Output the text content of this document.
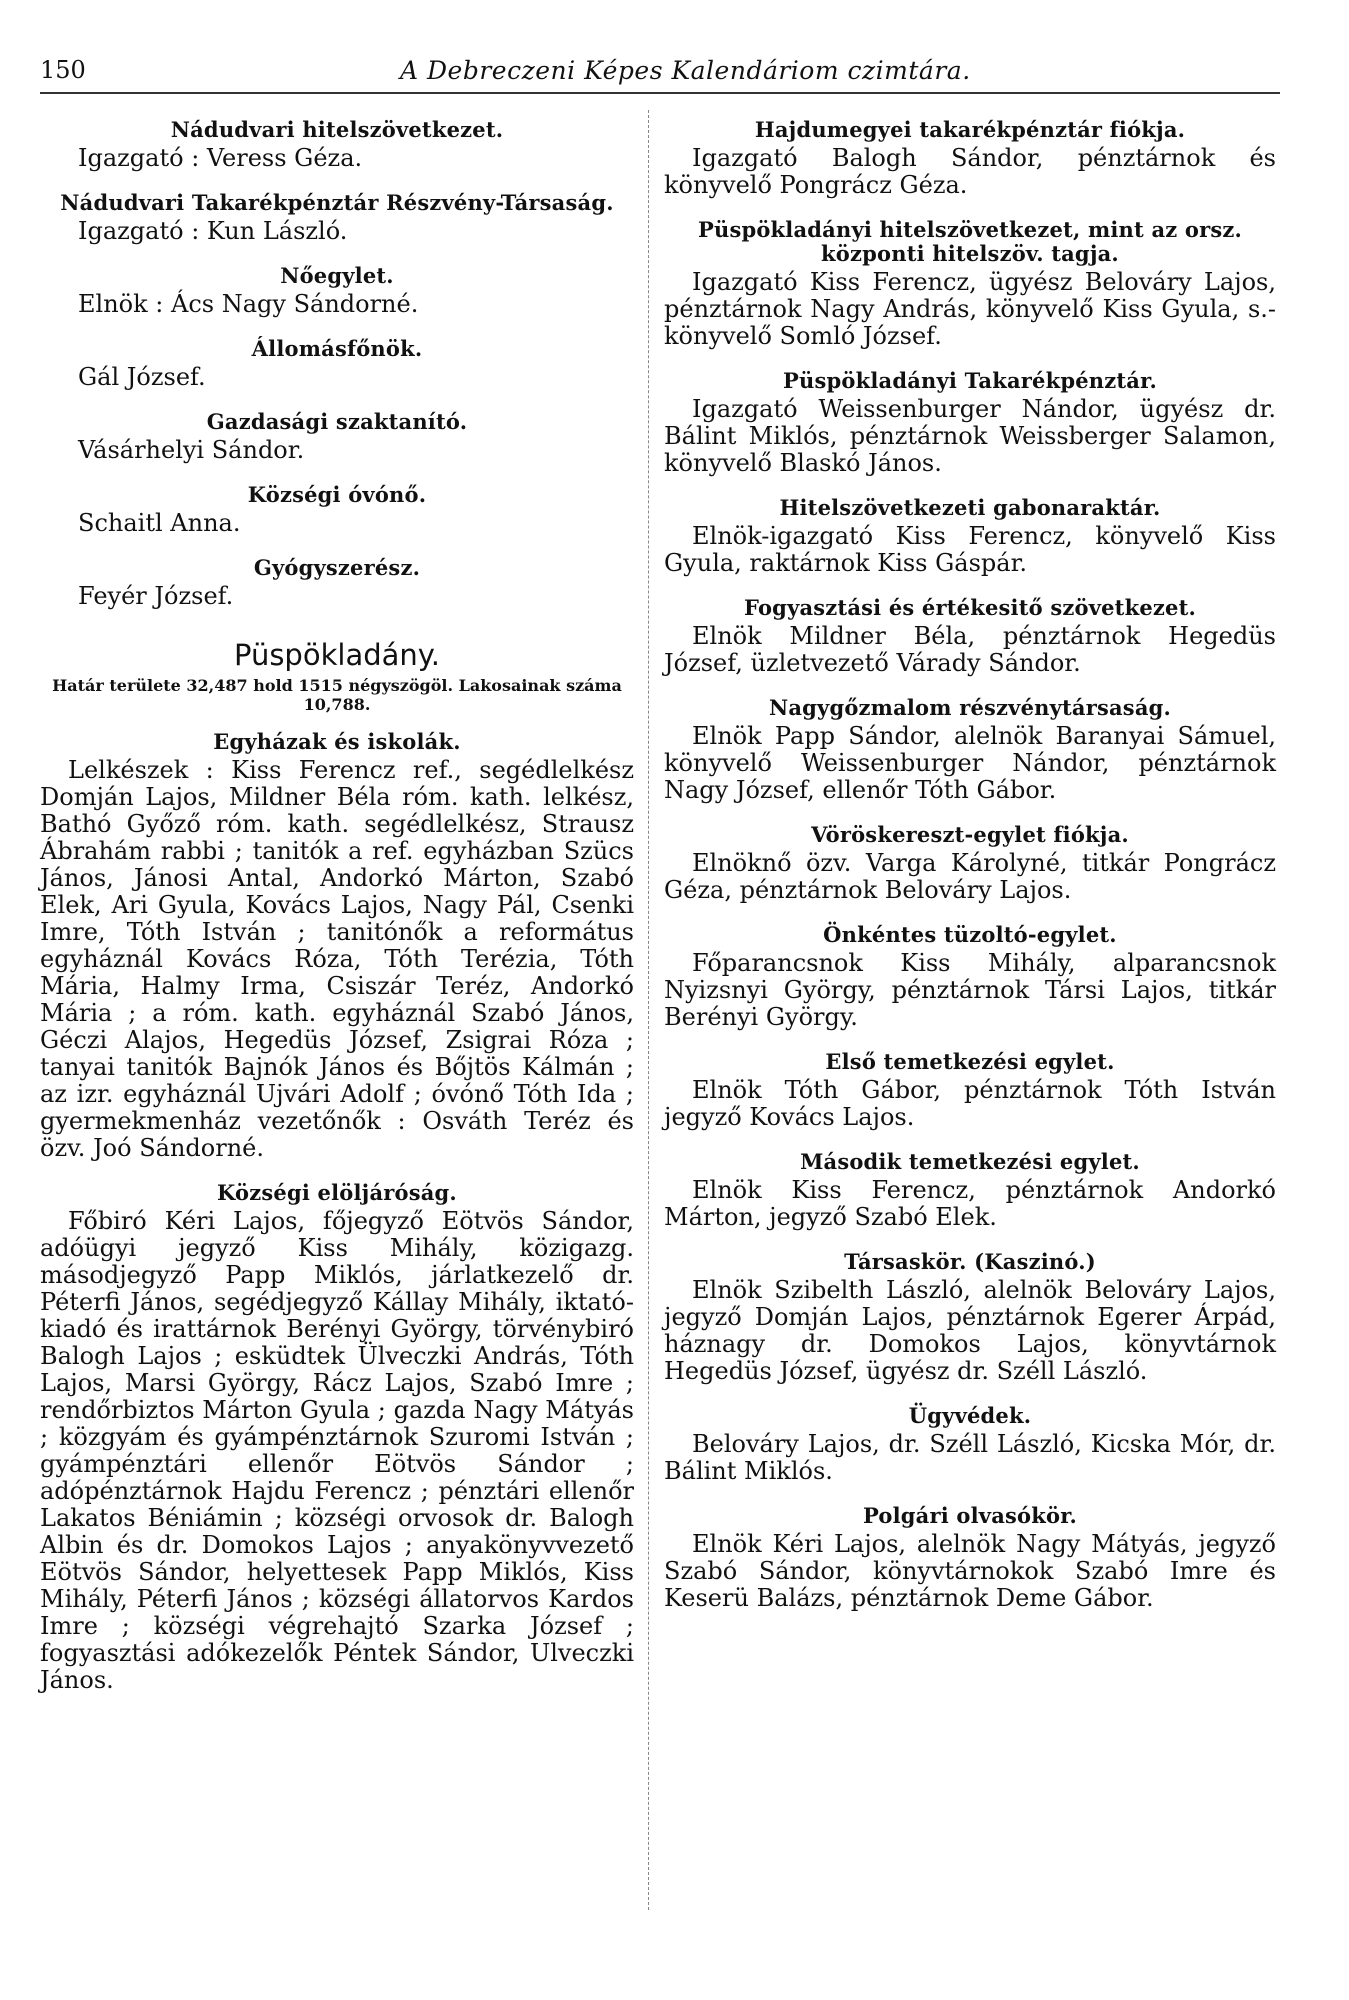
150	A Debreczeni Képes Kalendáriom czimtára.
Nádudvari hitelszövetkezet.
Igazgató : Veress Géza.
Nádudvari Takarékpénztár Részvény-Társaság.
Igazgató : Kun László.
Nőegylet.
Elnök : Ács Nagy Sándorné.
Állomásfőnök.
Gál József.
Gazdasági szaktanító.
Vásárhelyi Sándor.
Községi óvónő.
Schaitl Anna.
Gyógyszerész.
Feyér József.
Püspökladány.
Határ területe 32,487 hold 1515 négyszögöl. Lakosainak száma 10,788.
Egyházak és iskolák.
Lelkészek : Kiss Ferencz ref., segédlelkész Domján Lajos, Mildner Béla róm. kath. lelkész, Bathó Győző róm. kath. segédlelkész, Strausz Ábrahám rabbi ; tanitók a ref. egyházban Szücs János, Jánosi Antal, Andorkó Márton, Szabó Elek, Ari Gyula, Kovács Lajos, Nagy Pál, Csenki Imre, Tóth István ; tanitónők a református egyháznál Kovács Róza, Tóth Terézia, Tóth Mária, Halmy Irma, Csiszár Teréz, Andorkó Mária ; a róm. kath. egyháznál Szabó János, Géczi Alajos, Hegedüs József, Zsigrai Róza ; tanyai tanitók Bajnók János és Bőjtös Kálmán ; az izr. egyháznál Ujvári Adolf ; óvónő Tóth Ida ; gyermekmenház vezetőnők : Osváth Teréz és özv. Joó Sándorné.
Községi elöljáróság.
Főbiró Kéri Lajos, főjegyző Eötvös Sándor, adóügyi jegyző Kiss Mihály, közigazg. másodjegyző Papp Miklós, járlatkezelő dr. Péterfi János, segédjegyző Kállay Mihály, iktató-kiadó és irattárnok Berényi György, törvénybiró Balogh Lajos ; esküdtek Ülveczki András, Tóth Lajos, Marsi György, Rácz Lajos, Szabó Imre ; rendőrbiztos Márton Gyula ; gazda Nagy Mátyás ; közgyám és gyámpénztárnok Szuromi István ; gyámpénztári ellenőr Eötvös Sándor ; adópénztárnok Hajdu Ferencz ; pénztári ellenőr Lakatos Béniámin ; községi orvosok dr. Balogh Albin és dr. Domokos Lajos ; anyakönyvvezető Eötvös Sándor, helyettesek Papp Miklós, Kiss Mihály, Péterfi János ; községi állatorvos Kardos Imre ; községi végrehajtó Szarka József ; fogyasztási adókezelők Péntek Sándor, Ulveczki János.
Hajdumegyei takarékpénztár fiókja.
Igazgató Balogh Sándor, pénztárnok és könyvelő Pongrácz Géza.
Püspökladányi hitelszövetkezet, mint az orsz. központi hitelszöv. tagja.
Igazgató Kiss Ferencz, ügyész Belováry Lajos, pénztárnok Nagy András, könyvelő Kiss Gyula, s.-könyvelő Somló József.
Püspökladányi Takarékpénztár.
Igazgató Weissenburger Nándor, ügyész dr. Bálint Miklós, pénztárnok Weissberger Salamon, könyvelő Blaskó János.
Hitelszövetkezeti gabonaraktár.
Elnök-igazgató Kiss Ferencz, könyvelő Kiss Gyula, raktárnok Kiss Gáspár.
Fogyasztási és értékesitő szövetkezet.
Elnök Mildner Béla, pénztárnok Hegedüs József, üzletvezető Várady Sándor.
Nagygőzmalom részvénytársaság.
Elnök Papp Sándor, alelnök Baranyai Sámuel, könyvelő Weissenburger Nándor, pénztárnok Nagy József, ellenőr Tóth Gábor.
Vöröskereszt-egylet fiókja.
Elnöknő özv. Varga Károlyné, titkár Pongrácz Géza, pénztárnok Belováry Lajos.
Önkéntes tüzoltó-egylet.
Főparancsnok Kiss Mihály, alparancsnok Nyizsnyi György, pénztárnok Társi Lajos, titkár Berényi György.
Első temetkezési egylet.
Elnök Tóth Gábor, pénztárnok Tóth István jegyző Kovács Lajos.
Második temetkezési egylet.
Elnök Kiss Ferencz, pénztárnok Andorkó Márton, jegyző Szabó Elek.
Társaskör. (Kaszinó.)
Elnök Szibelth László, alelnök Belováry Lajos, jegyző Domján Lajos, pénztárnok Egerer Árpád, háznagy dr. Domokos Lajos, könyvtárnok Hegedüs József, ügyész dr. Széll László.
Ügyvédek.
Belováry Lajos, dr. Széll László, Kicska Mór, dr. Bálint Miklós.
Polgári olvasókör.
Elnök Kéri Lajos, alelnök Nagy Mátyás, jegyző Szabó Sándor, könyvtárnokok Szabó Imre és Keserü Balázs, pénztárnok Deme Gábor.
